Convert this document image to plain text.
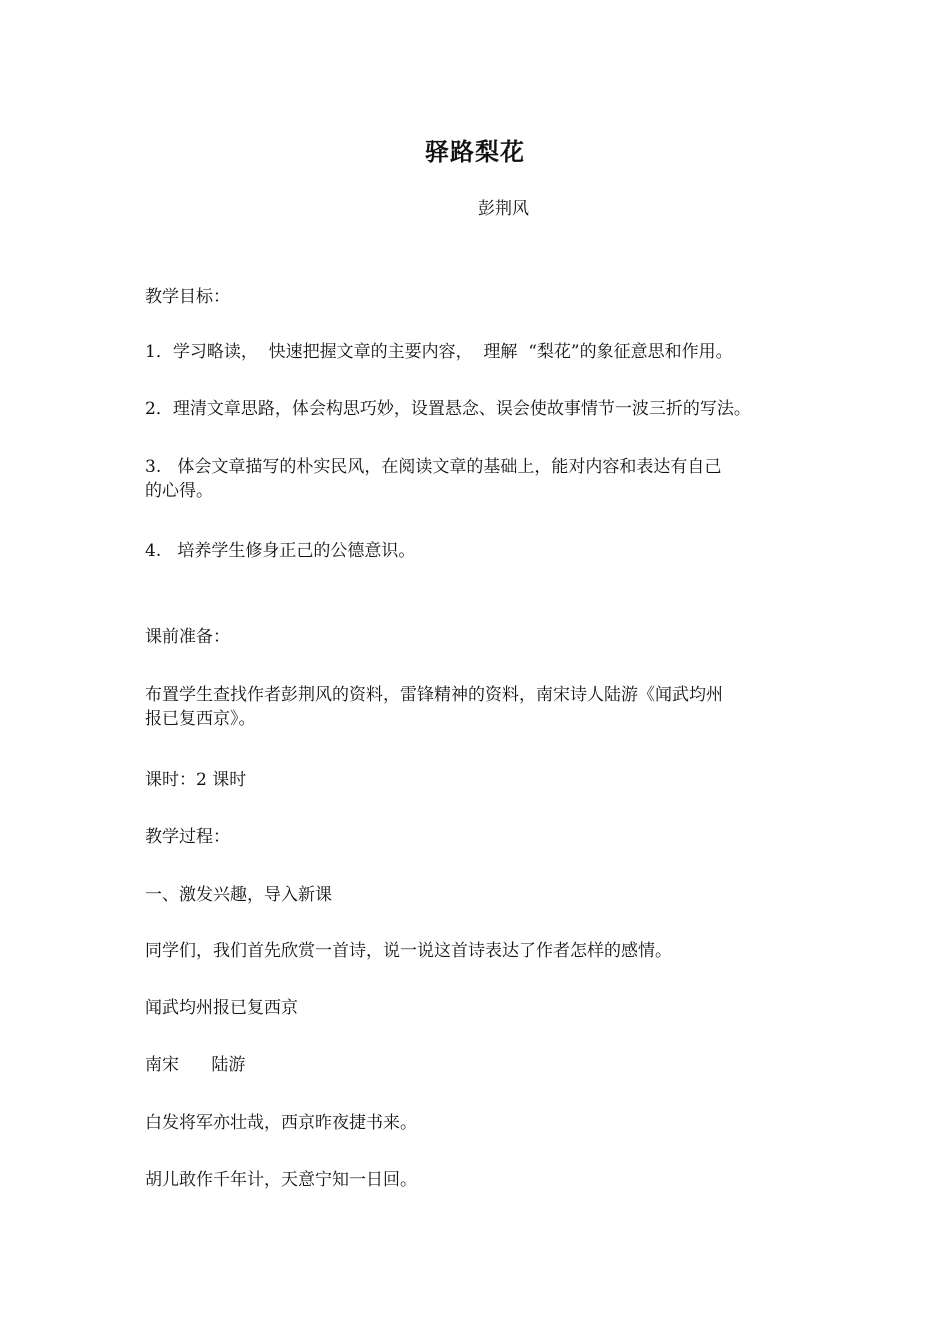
驿路梨花
彭荆风

教学目标：

1．学习略读，  快速把握文章的主要内容，  理解  “梨花”的象征意思和作用。

2．理清文章思路，体会构思巧妙，设置悬念、误会使故事情节一波三折的写法。

3.   体会文章描写的朴实民风，在阅读文章的基础上，能对内容和表达有自己
的心得。

4.   培养学生修身正己的公德意识。

课前准备：

布置学生查找作者彭荆风的资料，雷锋精神的资料，南宋诗人陆游《闻武均州
报已复西京》。

课时：2 课时

教学过程：

一、激发兴趣，导入新课

同学们，我们首先欣赏一首诗，说一说这首诗表达了作者怎样的感情。

闻武均州报已复西京

南宋      陆游

白发将军亦壮哉，西京昨夜捷书来。

胡儿敢作千年计，天意宁知一日回。
